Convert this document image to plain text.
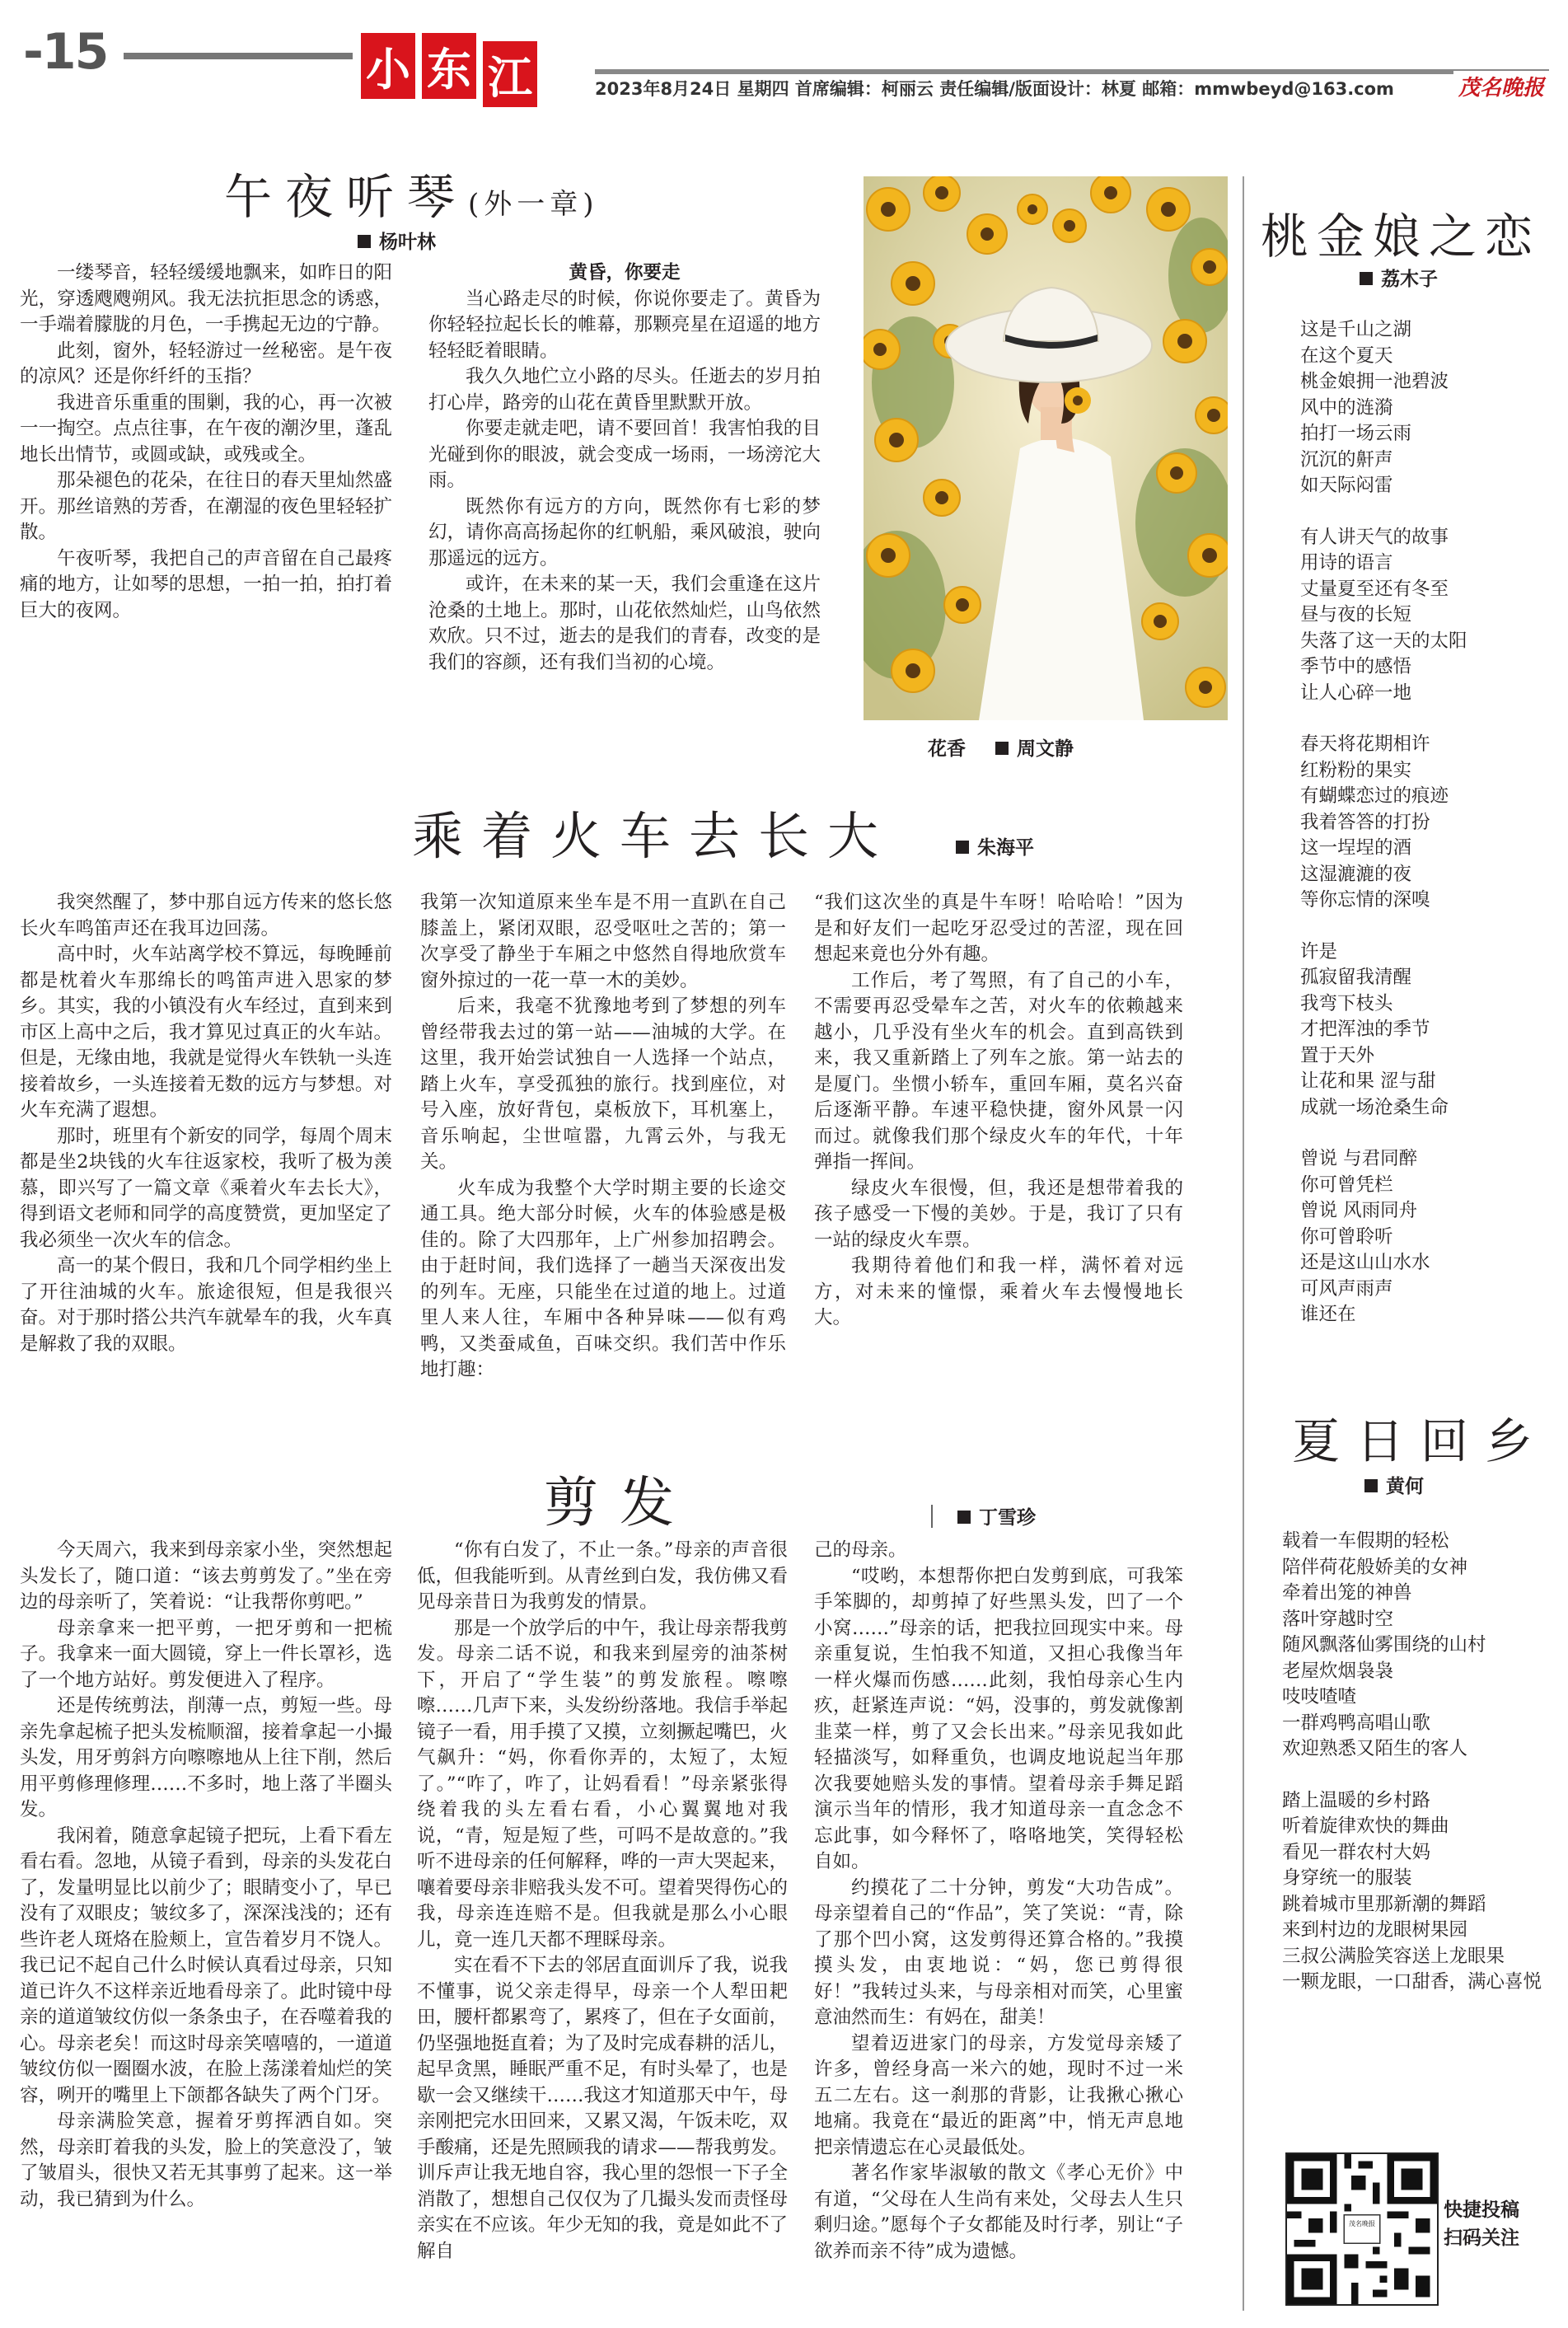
-15	小 东 江	2023年8月24日 星期四 首席编辑：柯丽云 责任编辑/版面设计：林夏 邮箱：mmwbeyd@163.com	茂名晚报
午夜听琴(外一章)
杨叶林

一缕琴音，轻轻缓缓地飘来，如昨日的阳光，穿透飕飕朔风。我无法抗拒思念的诱惑，一手端着朦胧的月色，一手携起无边的宁静。

此刻，窗外，轻轻游过一丝秘密。是午夜的凉风？还是你纤纤的玉指？

我进音乐重重的围剿，我的心，再一次被一一掏空。点点往事，在午夜的潮汐里，蓬乱地长出情节，或圆或缺，或残或全。

那朵褪色的花朵，在往日的春天里灿然盛开。那丝谙熟的芳香，在潮湿的夜色里轻轻扩散。

午夜听琴，我把自己的声音留在自己最疼痛的地方，让如琴的思想，一拍一拍，拍打着巨大的夜网。

黄昏，你要走

当心路走尽的时候，你说你要走了。黄昏为你轻轻拉起长长的帷幕，那颗亮星在迢遥的地方轻轻眨着眼睛。

我久久地伫立小路的尽头。任逝去的岁月拍打心岸，路旁的山花在黄昏里默默开放。

你要走就走吧，请不要回首！我害怕我的目光碰到你的眼波，就会变成一场雨，一场滂沱大雨。

既然你有远方的方向，既然你有七彩的梦幻，请你高高扬起你的红帆船，乘风破浪，驶向那遥远的远方。

或许，在未来的某一天，我们会重逢在这片沧桑的土地上。那时，山花依然灿烂，山鸟依然欢欣。只不过，逝去的是我们的青春，改变的是我们的容颜，还有我们当初的心境。

花香	周文静
乘着火车去长大	朱海平

我突然醒了，梦中那自远方传来的悠长悠长火车鸣笛声还在我耳边回荡。

高中时，火车站离学校不算远，每晚睡前都是枕着火车那绵长的鸣笛声进入思家的梦乡。其实，我的小镇没有火车经过，直到来到市区上高中之后，我才算见过真正的火车站。但是，无缘由地，我就是觉得火车铁轨一头连接着故乡，一头连接着无数的远方与梦想。对火车充满了遐想。

那时，班里有个新安的同学，每周个周末都是坐2块钱的火车往返家校，我听了极为羡慕，即兴写了一篇文章《乘着火车去长大》，得到语文老师和同学的高度赞赏，更加坚定了我必须坐一次火车的信念。

高一的某个假日，我和几个同学相约坐上了开往油城的火车。旅途很短，但是我很兴奋。对于那时搭公共汽车就晕车的我，火车真是解救了我的双眼。

我第一次知道原来坐车是不用一直趴在自己膝盖上，紧闭双眼，忍受呕吐之苦的；第一次享受了静坐于车厢之中悠然自得地欣赏车窗外掠过的一花一草一木的美妙。

后来，我毫不犹豫地考到了梦想的列车曾经带我去过的第一站——油城的大学。在这里，我开始尝试独自一人选择一个站点，踏上火车，享受孤独的旅行。找到座位，对号入座，放好背包，桌板放下，耳机塞上，音乐响起，尘世喧嚣，九霄云外，与我无关。

火车成为我整个大学时期主要的长途交通工具。绝大部分时候，火车的体验感是极佳的。除了大四那年，上广州参加招聘会。由于赶时间，我们选择了一趟当天深夜出发的列车。无座，只能坐在过道的地上。过道里人来人往，车厢中各种异味——似有鸡鸭，又类蚕咸鱼，百味交织。我们苦中作乐地打趣：

“我们这次坐的真是牛车呀！哈哈哈！”因为是和好友们一起吃牙忍受过的苦涩，现在回想起来竟也分外有趣。

工作后，考了驾照，有了自己的小车，不需要再忍受晕车之苦，对火车的依赖越来越小，几乎没有坐火车的机会。直到高铁到来，我又重新踏上了列车之旅。第一站去的是厦门。坐惯小轿车，重回车厢，莫名兴奋后逐渐平静。车速平稳快捷，窗外风景一闪而过。就像我们那个绿皮火车的年代，十年弹指一挥间。

绿皮火车很慢，但，我还是想带着我的孩子感受一下慢的美妙。于是，我订了只有一站的绿皮火车票。

我期待着他们和我一样，满怀着对远方，对未来的憧憬，乘着火车去慢慢地长大。

剪发	丁雪珍

今天周六，我来到母亲家小坐，突然想起头发长了，随口道：“该去剪剪发了。”坐在旁边的母亲听了，笑着说：“让我帮你剪吧。”

母亲拿来一把平剪，一把牙剪和一把梳子。我拿来一面大圆镜，穿上一件长罩衫，选了一个地方站好。剪发便进入了程序。

还是传统剪法，削薄一点，剪短一些。母亲先拿起梳子把头发梳顺溜，接着拿起一小撮头发，用牙剪斜方向嚓嚓地从上往下削，然后用平剪修理修理……不多时，地上落了半圈头发。

我闲着，随意拿起镜子把玩，上看下看左看右看。忽地，从镜子看到，母亲的头发花白了，发量明显比以前少了；眼睛变小了，早已没有了双眼皮；皱纹多了，深深浅浅的；还有些许老人斑烙在脸颊上，宣告着岁月不饶人。我已记不起自己什么时候认真看过母亲，只知道已许久不这样亲近地看母亲了。此时镜中母亲的道道皱纹仿似一条条虫子，在吞噬着我的心。母亲老矣！而这时母亲笑嘻嘻的，一道道皱纹仿似一圈圈水波，在脸上荡漾着灿烂的笑容，咧开的嘴里上下颌都各缺失了两个门牙。

母亲满脸笑意，握着牙剪挥洒自如。突然，母亲盯着我的头发，脸上的笑意没了，皱了皱眉头，很快又若无其事剪了起来。这一举动，我已猜到为什么。

“你有白发了，不止一条。”母亲的声音很低，但我能听到。从青丝到白发，我仿佛又看见母亲昔日为我剪发的情景。

那是一个放学后的中午，我让母亲帮我剪发。母亲二话不说，和我来到屋旁的油茶树下，开启了“学生装”的剪发旅程。嚓嚓嚓……几声下来，头发纷纷落地。我信手举起镜子一看，用手摸了又摸，立刻撅起嘴巴，火气飙升：“妈，你看你弄的，太短了，太短了。”“咋了，咋了，让妈看看！”母亲紧张得绕着我的头左看右看，小心翼翼地对我说，“青，短是短了些，可吗不是故意的。”我听不进母亲的任何解释，哗的一声大哭起来，嚷着要母亲非赔我头发不可。望着哭得伤心的我，母亲连连赔不是。但我就是那么小心眼儿，竟一连几天都不理睬母亲。

实在看不下去的邻居直面训斥了我，说我不懂事，说父亲走得早，母亲一个人犁田耙田，腰杆都累弯了，累疼了，但在子女面前，仍坚强地挺直着；为了及时完成春耕的活儿，起早贪黑，睡眠严重不足，有时头晕了，也是歇一会又继续干……我这才知道那天中午，母亲刚把完水田回来，又累又渴，午饭未吃，双手酸痛，还是先照顾我的请求——帮我剪发。训斥声让我无地自容，我心里的怨恨一下子全消散了，想想自己仅仅为了几撮头发而责怪母亲实在不应该。年少无知的我，竟是如此不了解自

己的母亲。

“哎哟，本想帮你把白发剪到底，可我笨手笨脚的，却剪掉了好些黑头发，凹了一个小窝……”母亲的话，把我拉回现实中来。母亲重复说，生怕我不知道，又担心我像当年一样火爆而伤感……此刻，我怕母亲心生内疚，赶紧连声说：“妈，没事的，剪发就像割韭菜一样，剪了又会长出来。”母亲见我如此轻描淡写，如释重负，也调皮地说起当年那次我要她赔头发的事情。望着母亲手舞足蹈演示当年的情形，我才知道母亲一直念念不忘此事，如今释怀了，咯咯地笑，笑得轻松自如。

约摸花了二十分钟，剪发“大功告成”。母亲望着自己的“作品”，笑了笑说：“青，除了那个凹小窝，这发剪得还算合格的。”我摸摸头发，由衷地说：“妈，您已剪得很好！”我转过头来，与母亲相对而笑，心里蜜意油然而生：有妈在，甜美！

望着迈进家门的母亲，方发觉母亲矮了许多，曾经身高一米六的她，现时不过一米五二左右。这一刹那的背影，让我揪心揪心地痛。我竟在“最近的距离”中，悄无声息地把亲情遗忘在心灵最低处。

著名作家毕淑敏的散文《孝心无价》中有道，“父母在人生尚有来处，父母去人生只剩归途。”愿每个子女都能及时行孝，别让“子欲养而亲不待”成为遗憾。

桃金娘之恋
荔木子
这是千山之湖
在这个夏天
桃金娘拥一池碧波
风中的涟漪
拍打一场云雨
沉沉的鼾声
如天际闷雷
有人讲天气的故事
用诗的语言
丈量夏至还有冬至
昼与夜的长短
失落了这一天的太阳
季节中的感悟
让人心碎一地
春天将花期相许
红粉粉的果实
有蝴蝶恋过的痕迹
我着答答的打扮
这一埕埕的酒
这湿漉漉的夜
等你忘情的深嗅
许是
孤寂留我清醒
我弯下枝头
才把浑浊的季节
置于天外
让花和果 涩与甜
成就一场沧桑生命
曾说 与君同醉
你可曾凭栏
曾说 风雨同舟
你可曾聆听
还是这山山水水
可风声雨声
谁还在
夏日回乡
黄何
载着一车假期的轻松
陪伴荷花般娇美的女神
牵着出笼的神兽
落叶穿越时空
随风飘落仙雾围绕的山村
老屋炊烟袅袅
吱吱喳喳
一群鸡鸭高唱山歌
欢迎熟悉又陌生的客人
踏上温暖的乡村路
听着旋律欢快的舞曲
看见一群农村大妈
身穿统一的服装
跳着城市里那新潮的舞蹈
来到村边的龙眼树果园
三叔公满脸笑容送上龙眼果
一颗龙眼，一口甜香，满心喜悦
茂名晚报
快捷投稿
扫码关注
